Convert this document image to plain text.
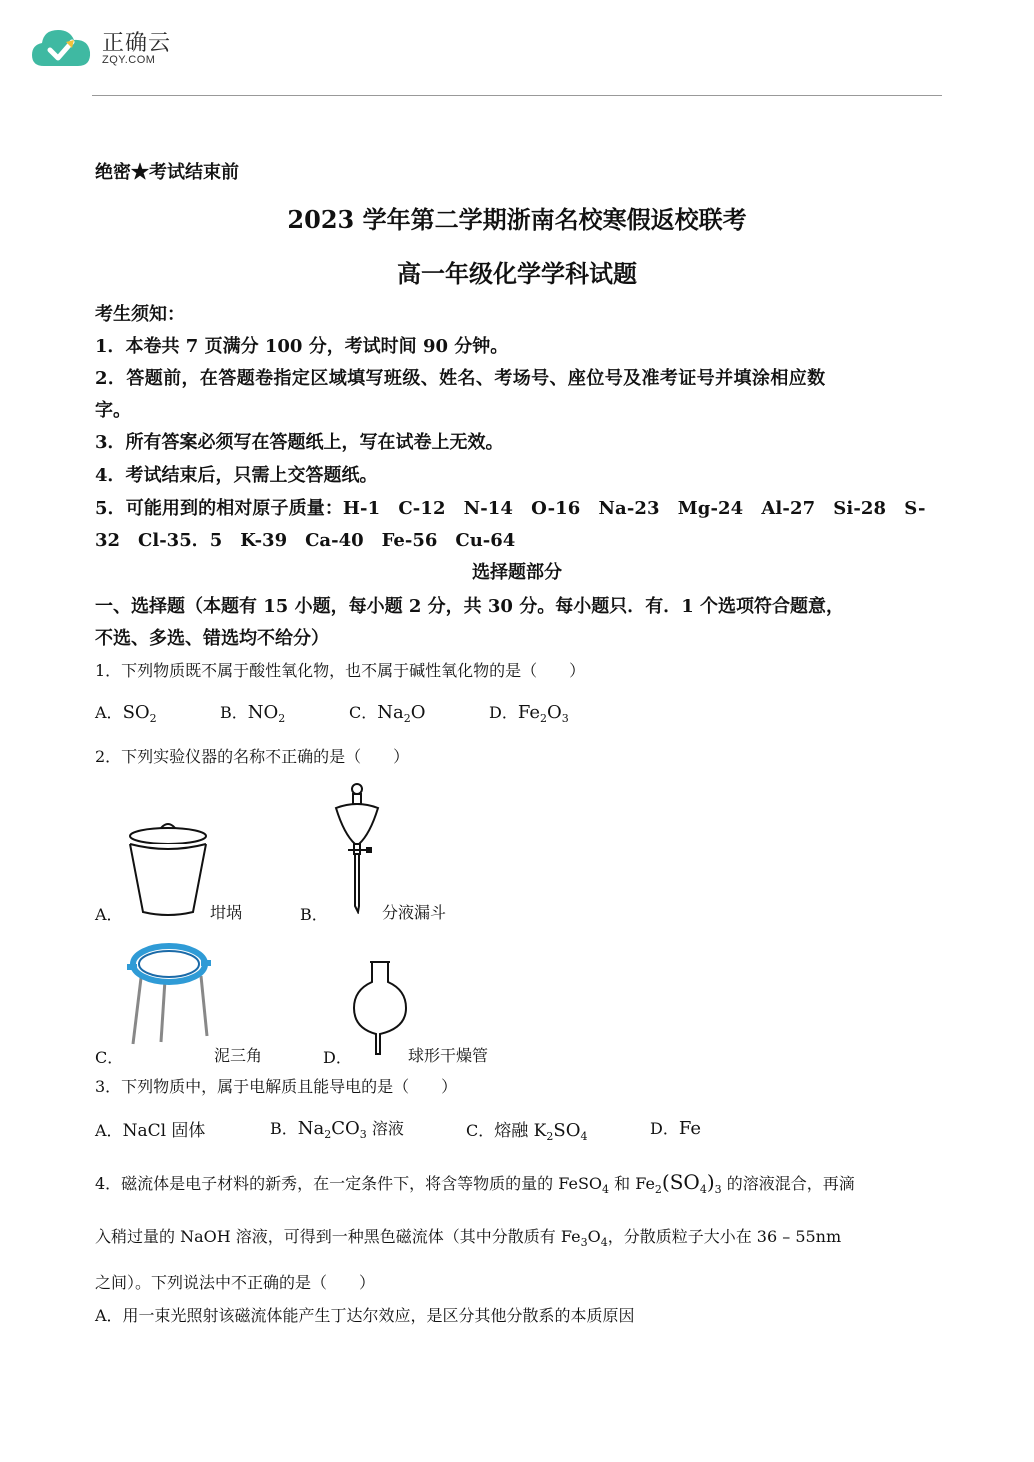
正确云
ZQY.COM
绝密★考试结束前
2023 学年第二学期浙南名校寒假返校联考
高一年级化学学科试题
考生须知：
1．本卷共 7 页满分 100 分，考试时间 90 分钟。
2．答题前，在答题卷指定区域填写班级、姓名、考场号、座位号及准考证号并填涂相应数
字。
3．所有答案必须写在答题纸上，写在试卷上无效。
4．考试结束后，只需上交答题纸。
5．可能用到的相对原子质量：H-1　C-12　N-14　O-16　Na-23　Mg-24　Al-27　Si-28　S-
32　Cl-35．5　K-39　Ca-40　Fe-56　Cu-64
选择题部分
一、选择题（本题有 15 小题，每小题 2 分，共 30 分。每小题只．有．1 个选项符合题意，
不选、多选、错选均不给分）
1．下列物质既不属于酸性氧化物，也不属于碱性氧化物的是（　　）
A．$SO_2$	B．$NO_2$	C．$Na_2O$	D．$Fe_2O_3$
2．下列实验仪器的名称不正确的是（　　）
A．	坩埚	B．	分液漏斗
C．	泥三角	D．	球形干燥管
3．下列物质中，属于电解质且能导电的是（　　）
A．NaCl 固体	B．$Na_2CO_3$ 溶液	C．熔融 $K_2SO_4$	D．Fe
4．磁流体是电子材料的新秀，在一定条件下，将含等物质的量的 FeSO$_4$ 和 $Fe_2(SO_4)_3$ 的溶液混合，再滴
入稍过量的 NaOH 溶液，可得到一种黑色磁流体（其中分散质有 $Fe_3O_4$，分散质粒子大小在 36 – 55nm
之间）。下列说法中不正确的是（　　）
A．用一束光照射该磁流体能产生丁达尔效应，是区分其他分散系的本质原因
